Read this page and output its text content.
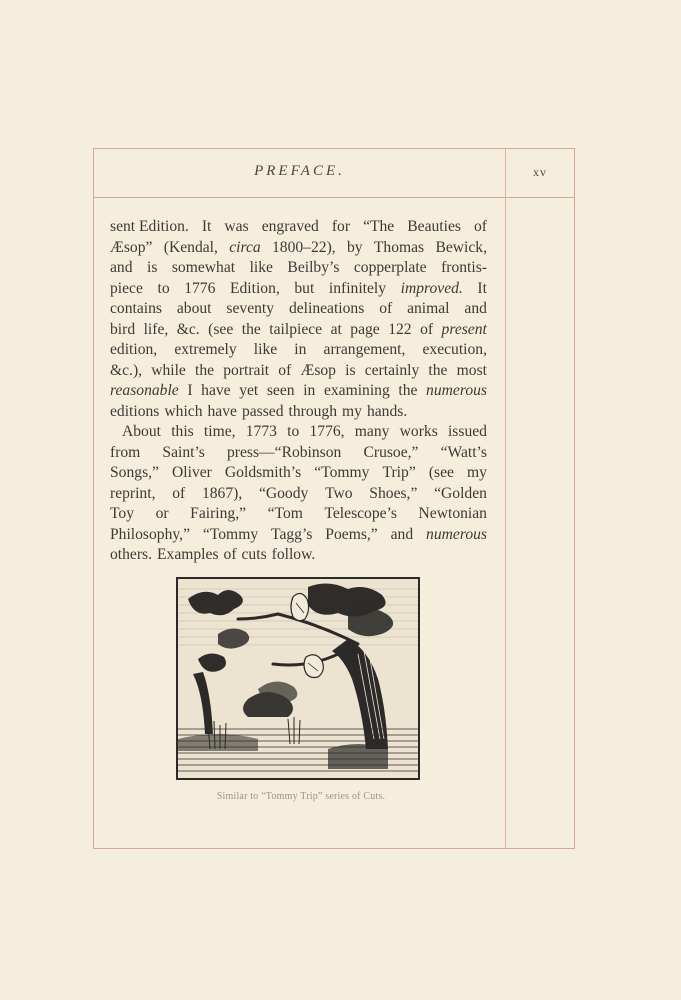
PREFACE.	xv
sent Edition. It was engraved for “The Beauties of
Æsop” (Kendal, circa 1800–22), by Thomas Bewick,
and is somewhat like Beilby’s copperplate frontis-
piece to 1776 Edition, but infinitely improved. It
contains about seventy delineations of animal and
bird life, &c. (see the tailpiece at page 122 of present
edition, extremely like in arrangement, execution,
&c.), while the portrait of Æsop is certainly the most
reasonable I have yet seen in examining the numerous
editions which have passed through my hands.
About this time, 1773 to 1776, many works issued
from Saint’s press—“Robinson Crusoe,” “Watt’s
Songs,” Oliver Goldsmith’s “Tommy Trip” (see my
reprint, of 1867), “Goody Two Shoes,” “Golden
Toy or Fairing,” “Tom Telescope’s Newtonian
Philosophy,” “Tommy Tagg’s Poems,” and numerous
others. Examples of cuts follow.
Similar to “Tommy Trip” series of Cuts.
